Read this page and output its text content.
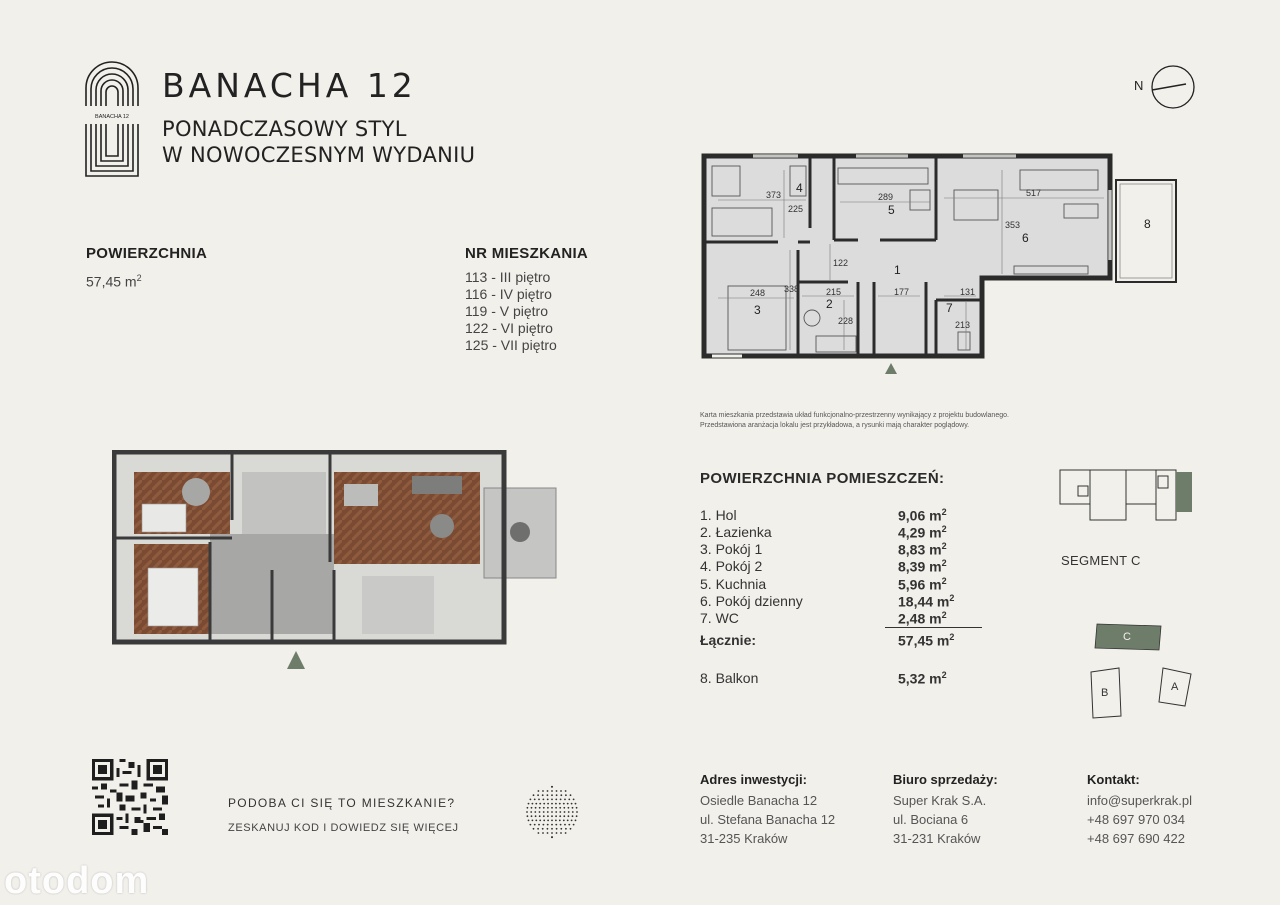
BANACHA 12
BANACHA 12
PONADCZASOWY STYL
W NOWOCZESNYM WYDANIU
N
POWIERZCHNIA
57,45 $m^2$
NR MIESZKANIA
113 - III piętro
116 - IV piętro
119 - V piętro
122 - VI piętro
125 - VII piętro
4
5
6
8
1
2
3	7
373
225
289	517
353
122
248 338	215
228
177	131
213
Karta mieszkania przedstawia układ funkcjonalno-przestrzenny wynikający z projektu budowlanego.
Przedstawiona aranżacja lokalu jest przykładowa, a rysunki mają charakter poglądowy.
POWIERZCHNIA POMIESZCZEŃ:
1. Hol	9,06 $m^2$
2. Łazienka	4,29 $m^2$
3. Pokój 1	8,83 $m^2$
4. Pokój 2	8,39 $m^2$
5. Kuchnia	5,96 $m^2$
6. Pokój dzienny	18,44 $m^2$
7. WC	2,48 $m^2$
Łącznie:	57,45 $m^2$
8. Balkon	5,32 $m^2$
SEGMENT C
C
B	A
PODOBA CI SIĘ TO MIESZKANIE?
ZESKANUJ KOD I DOWIEDZ SIĘ WIĘCEJ
Adres inwestycji:
Osiedle Banacha 12
ul. Stefana Banacha 12
31-235 Kraków
Biuro sprzedaży:
Super Krak S.A.
ul. Bociana 6
31-231 Kraków
Kontakt:
info@superkrak.pl
+48 697 970 034
+48 697 690 422
otodom
